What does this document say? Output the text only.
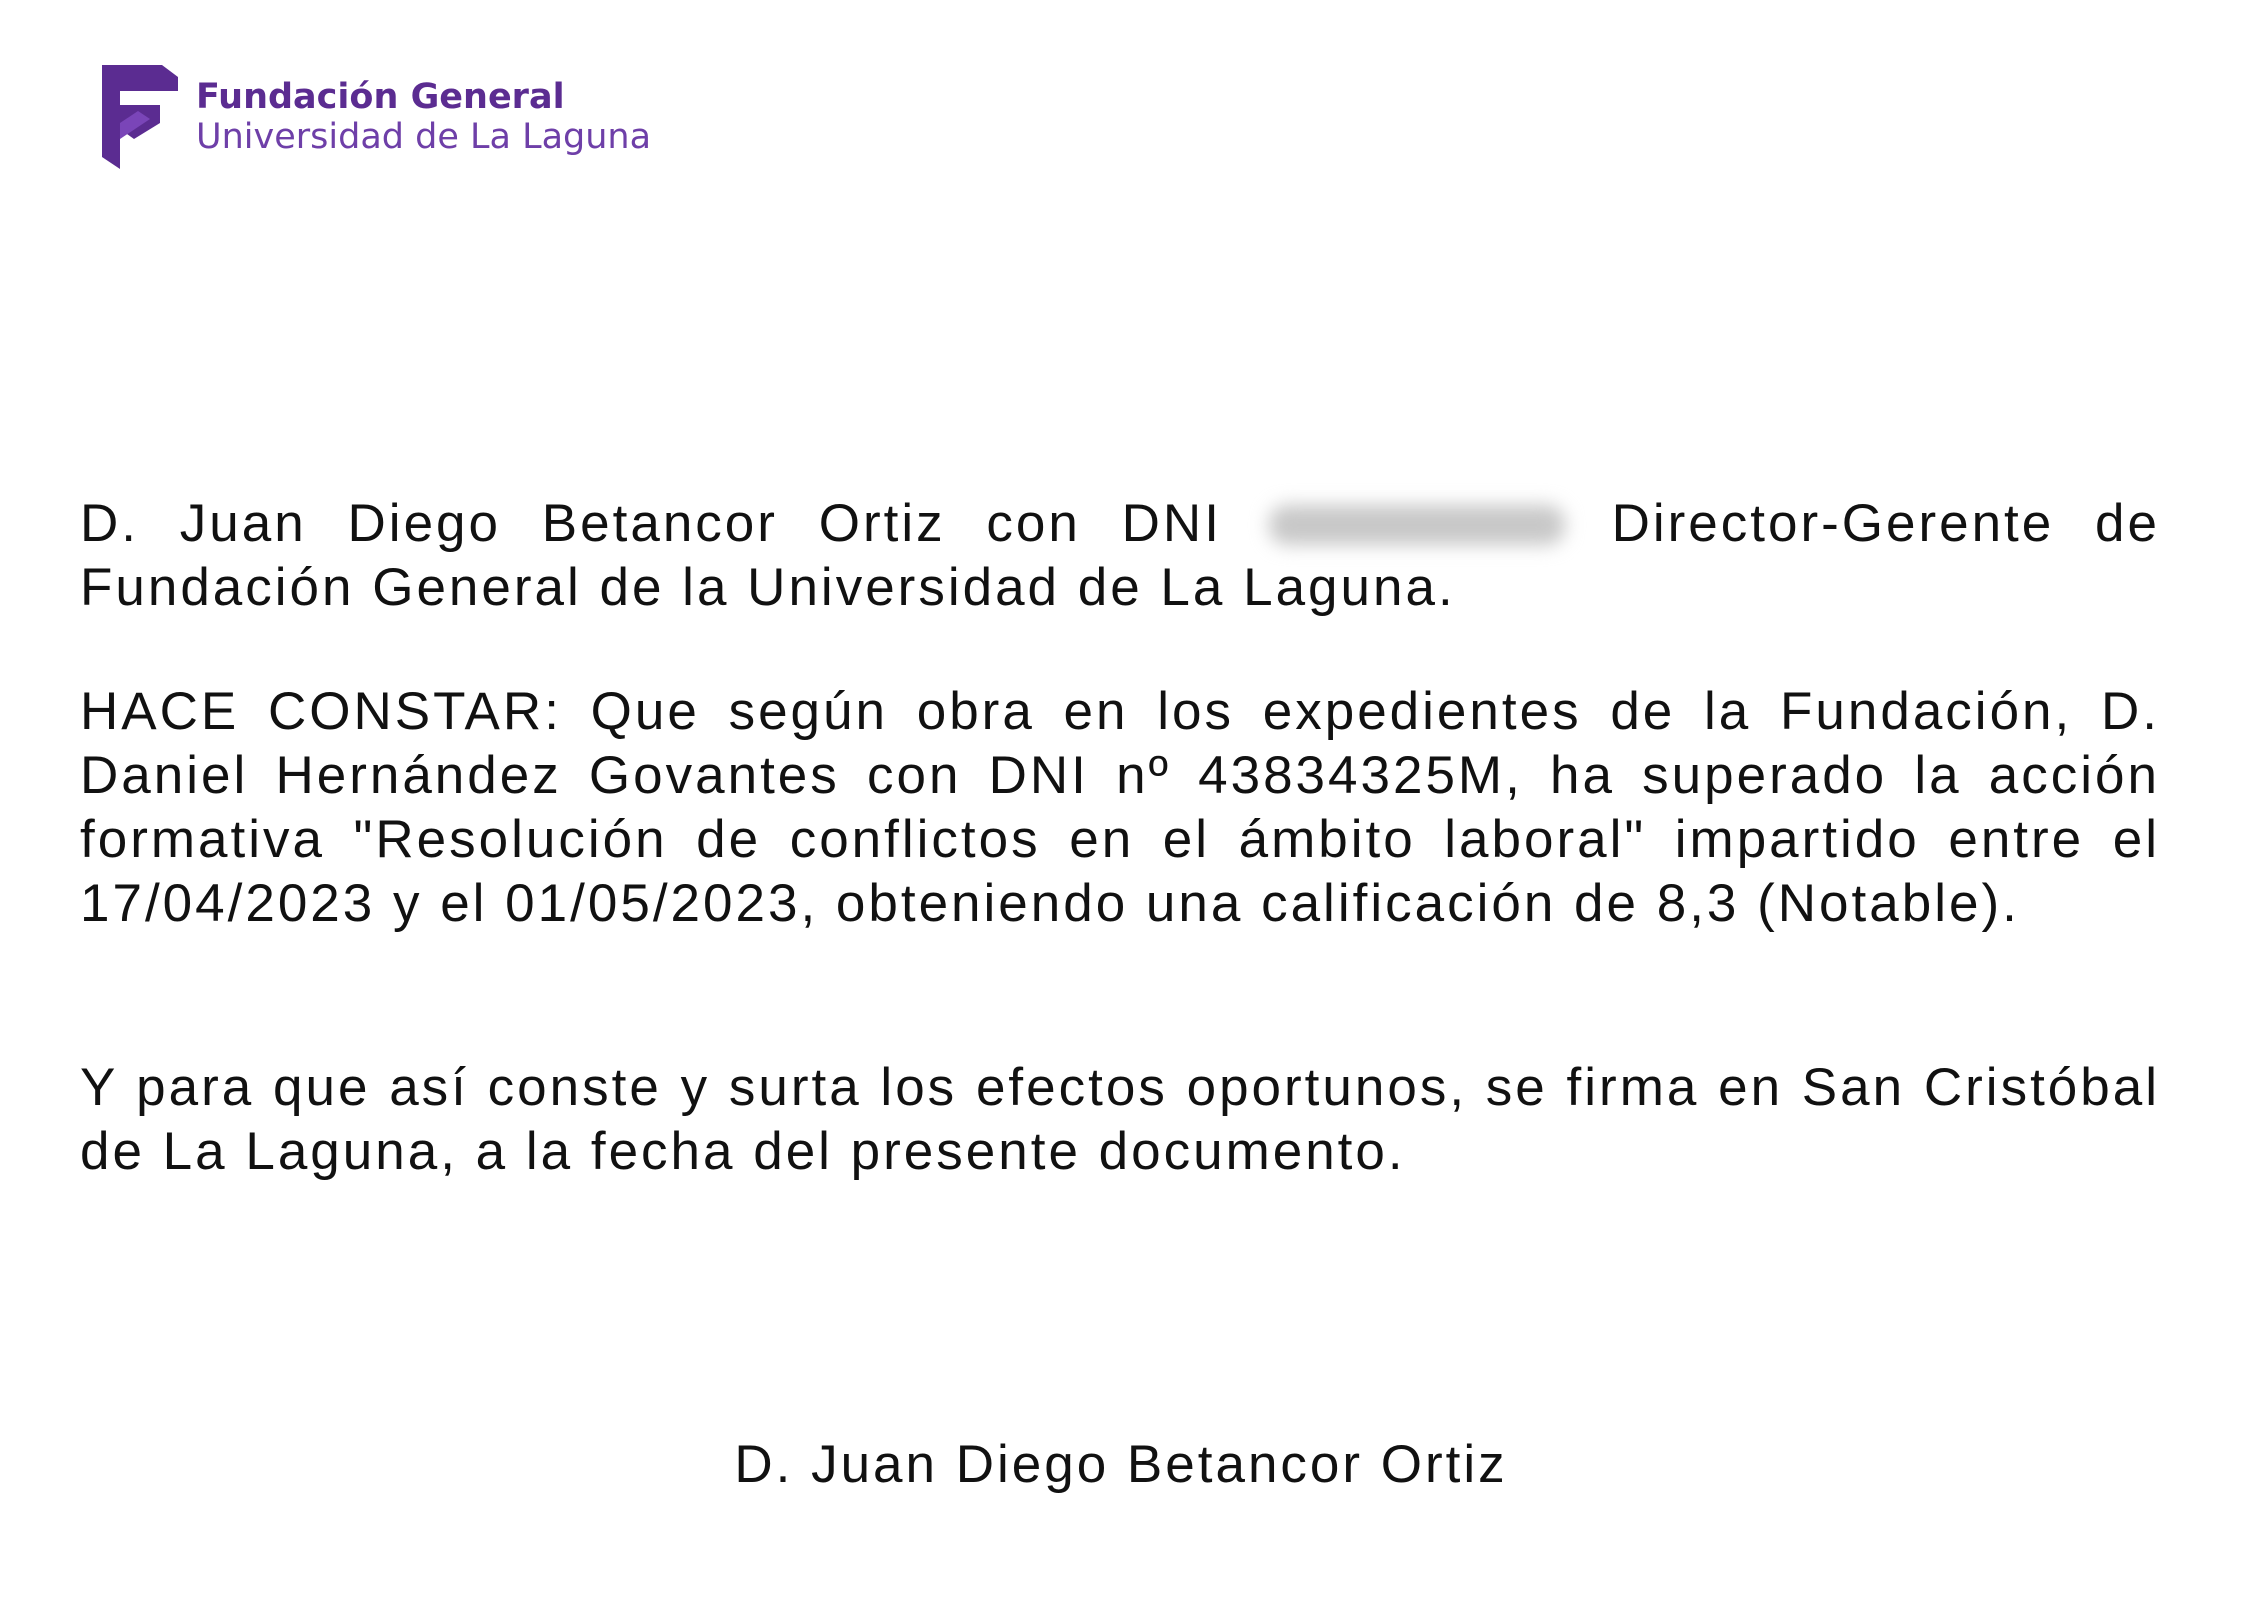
Fundación General
Universidad de La Laguna
D. Juan Diego Betancor Ortiz con DNI	Director-Gerente de Fundación General de la Universidad de La Laguna.
HACE CONSTAR: Que según obra en los expedientes de la Fundación, D. Daniel Hernández Govantes con DNI nº 43834325M, ha superado la acción formativa "Resolución de conflictos en el ámbito laboral" impartido entre el 17/04/2023 y el 01/05/2023, obteniendo una calificación de 8,3 (Notable).
Y para que así conste y surta los efectos oportunos, se firma en San Cristóbal de La Laguna, a la fecha del presente documento.
D. Juan Diego Betancor Ortiz
